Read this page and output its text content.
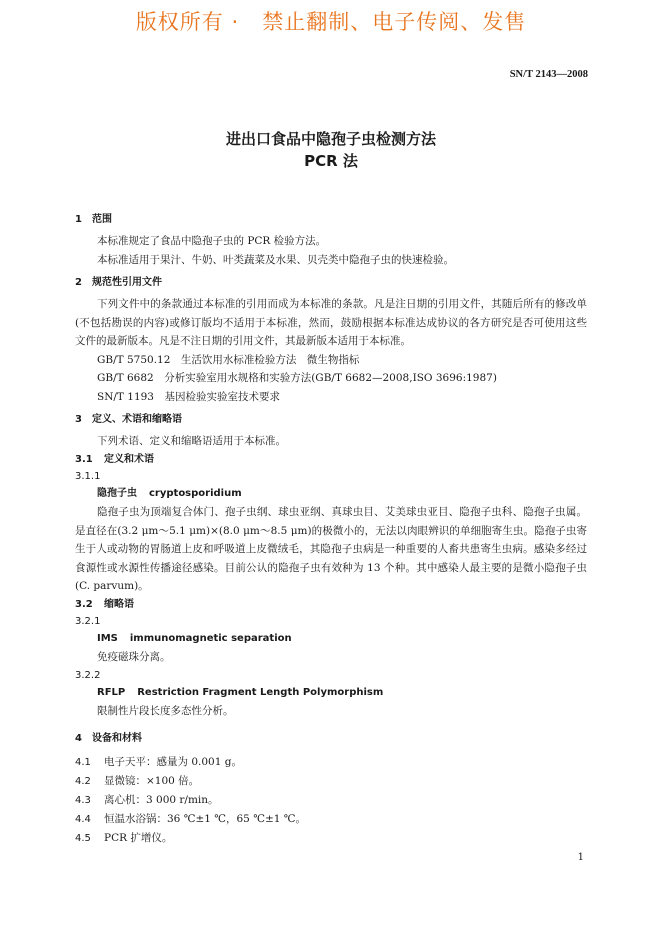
版权所有 ·   禁止翻制、电子传阅、发售
SN/T 2143—2008
进出口食品中隐孢子虫检测方法
PCR 法
1 范围
本标准规定了食品中隐孢子虫的 PCR 检验方法。
本标准适用于果汁、牛奶、叶类蔬菜及水果、贝壳类中隐孢子虫的快速检验。
2 规范性引用文件
下列文件中的条款通过本标准的引用而成为本标准的条款。凡是注日期的引用文件，其随后所有的修改单(不包括勘误的内容)或修订版均不适用于本标准，然而，鼓励根据本标准达成协议的各方研究是否可使用这些文件的最新版本。凡是不注日期的引用文件，其最新版本适用于本标准。
GB/T 5750.12　生活饮用水标准检验方法　微生物指标
GB/T 6682　分析实验室用水规格和实验方法(GB/T 6682—2008,ISO 3696:1987)
SN/T 1193　基因检验实验室技术要求
3 定义、术语和缩略语
下列术语、定义和缩略语适用于本标准。
3.1 定义和术语
3.1.1
隐孢子虫 cryptosporidium
隐孢子虫为顶端复合体门、孢子虫纲、球虫亚纲、真球虫目、艾美球虫亚目、隐孢子虫科、隐孢子虫属。是直径在(3.2 μm～5.1 μm)×(8.0 μm～8.5 μm)的极微小的，无法以肉眼辨识的单细胞寄生虫。隐孢子虫寄生于人或动物的胃肠道上皮和呼吸道上皮微绒毛，其隐孢子虫病是一种重要的人畜共患寄生虫病。感染多经过食源性或水源性传播途径感染。目前公认的隐孢子虫有效种为 13 个种。其中感染人最主要的是微小隐孢子虫(C. parvum)。
3.2 缩略语
3.2.1
IMS immunomagnetic separation
免疫磁珠分离。
3.2.2
RFLP Restriction Fragment Length Polymorphism
限制性片段长度多态性分析。
4 设备和材料
4.1 电子天平：感量为 0.001 g。
4.2 显微镜：×100 倍。
4.3 离心机：3 000 r/min。
4.4 恒温水浴锅：36 ℃±1 ℃，65 ℃±1 ℃。
4.5 PCR 扩增仪。
1
